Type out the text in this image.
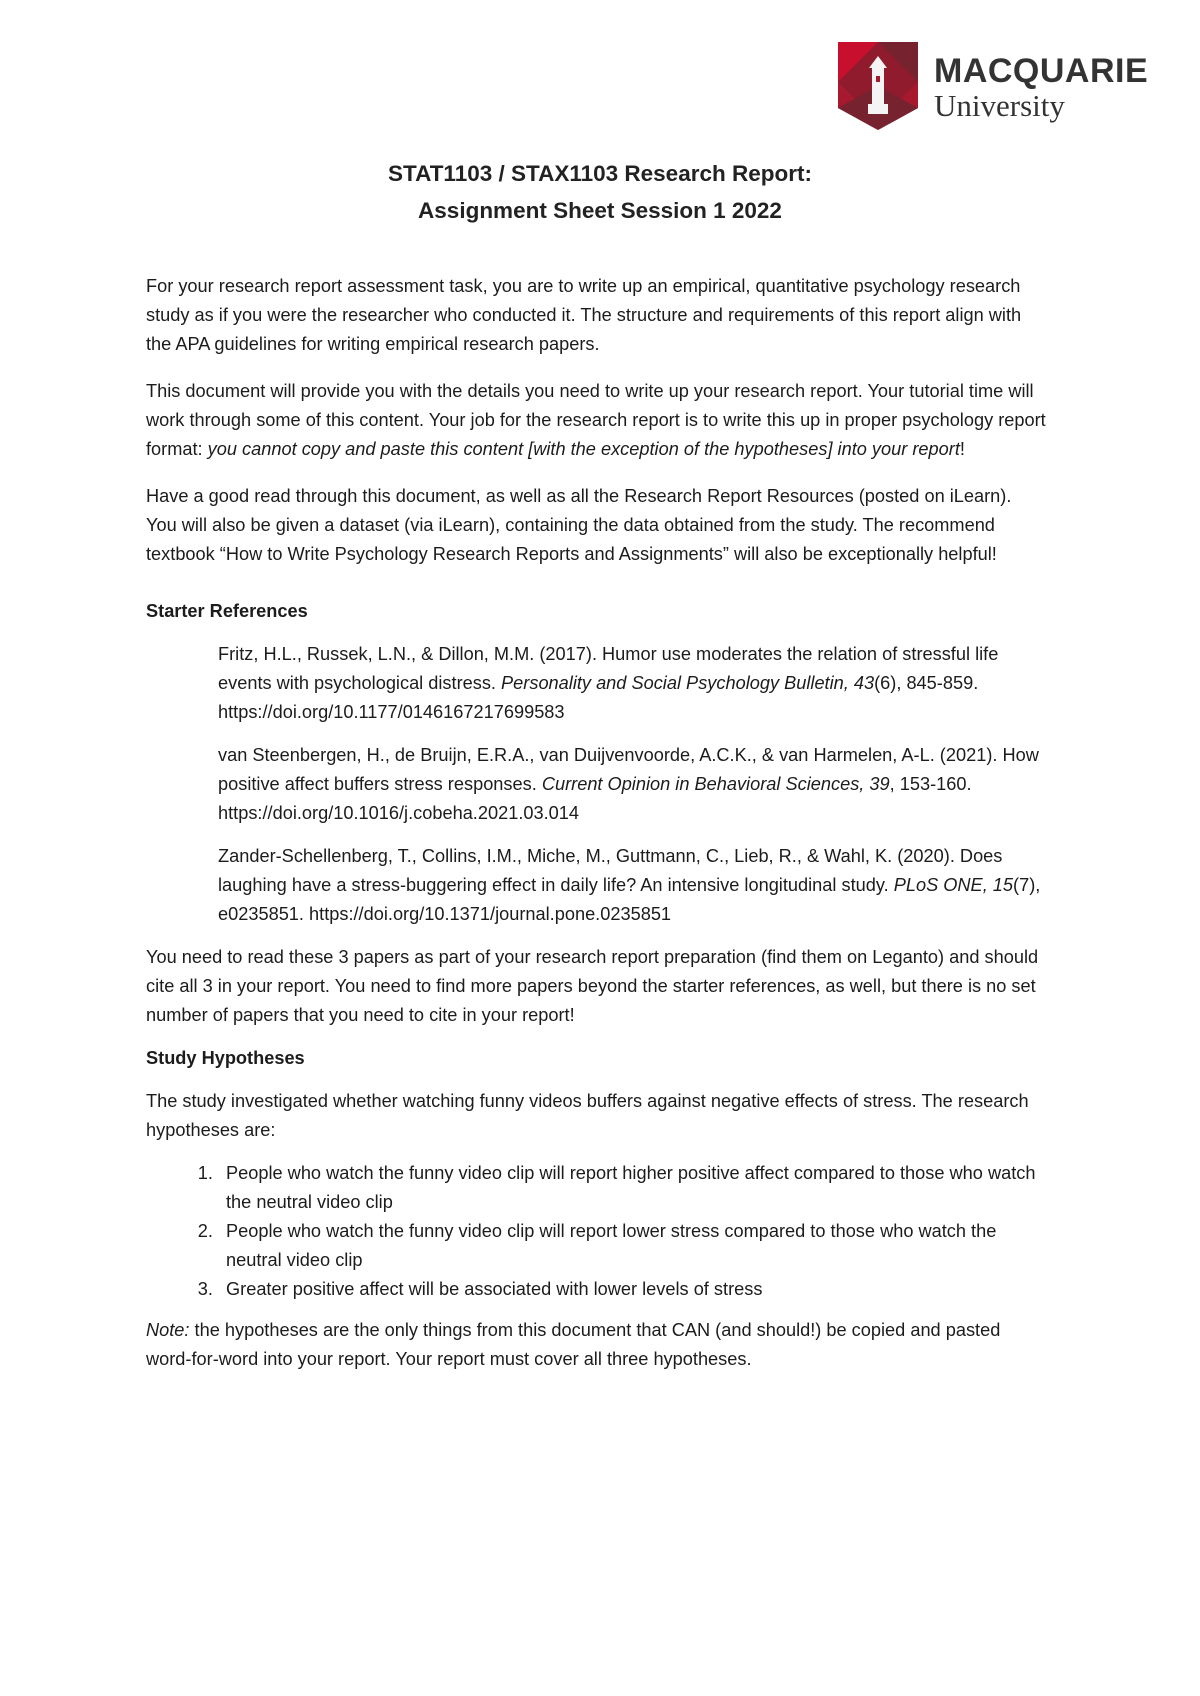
MACQUARIE
University
STAT1103 / STAX1103 Research Report:
Assignment Sheet Session 1 2022

For your research report assessment task, you are to write up an empirical, quantitative psychology research study as if you were the researcher who conducted it. The structure and requirements of this report align with the APA guidelines for writing empirical research papers.

This document will provide you with the details you need to write up your research report. Your tutorial time will work through some of this content. Your job for the research report is to write this up in proper psychology report format: you cannot copy and paste this content [with the exception of the hypotheses] into your report!

Have a good read through this document, as well as all the Research Report Resources (posted on iLearn). You will also be given a dataset (via iLearn), containing the data obtained from the study. The recommend textbook “How to Write Psychology Research Reports and Assignments” will also be exceptionally helpful!

Starter References

Fritz, H.L., Russek, L.N., & Dillon, M.M. (2017). Humor use moderates the relation of stressful life events with psychological distress. Personality and Social Psychology Bulletin, 43(6), 845-859. https://doi.org/10.1177/0146167217699583

van Steenbergen, H., de Bruijn, E.R.A., van Duijvenvoorde, A.C.K., & van Harmelen, A-L. (2021). How positive affect buffers stress responses. Current Opinion in Behavioral Sciences, 39, 153-160. https://doi.org/10.1016/j.cobeha.2021.03.014

Zander-Schellenberg, T., Collins, I.M., Miche, M., Guttmann, C., Lieb, R., & Wahl, K. (2020). Does laughing have a stress-buggering effect in daily life? An intensive longitudinal study. PLoS ONE, 15(7), e0235851. https://doi.org/10.1371/journal.pone.0235851

You need to read these 3 papers as part of your research report preparation (find them on Leganto) and should cite all 3 in your report. You need to find more papers beyond the starter references, as well, but there is no set number of papers that you need to cite in your report!

Study Hypotheses

The study investigated whether watching funny videos buffers against negative effects of stress. The research hypotheses are:

1. People who watch the funny video clip will report higher positive affect compared to those who watch the neutral video clip
2. People who watch the funny video clip will report lower stress compared to those who watch the neutral video clip
3. Greater positive affect will be associated with lower levels of stress

Note: the hypotheses are the only things from this document that CAN (and should!) be copied and pasted word-for-word into your report. Your report must cover all three hypotheses.
